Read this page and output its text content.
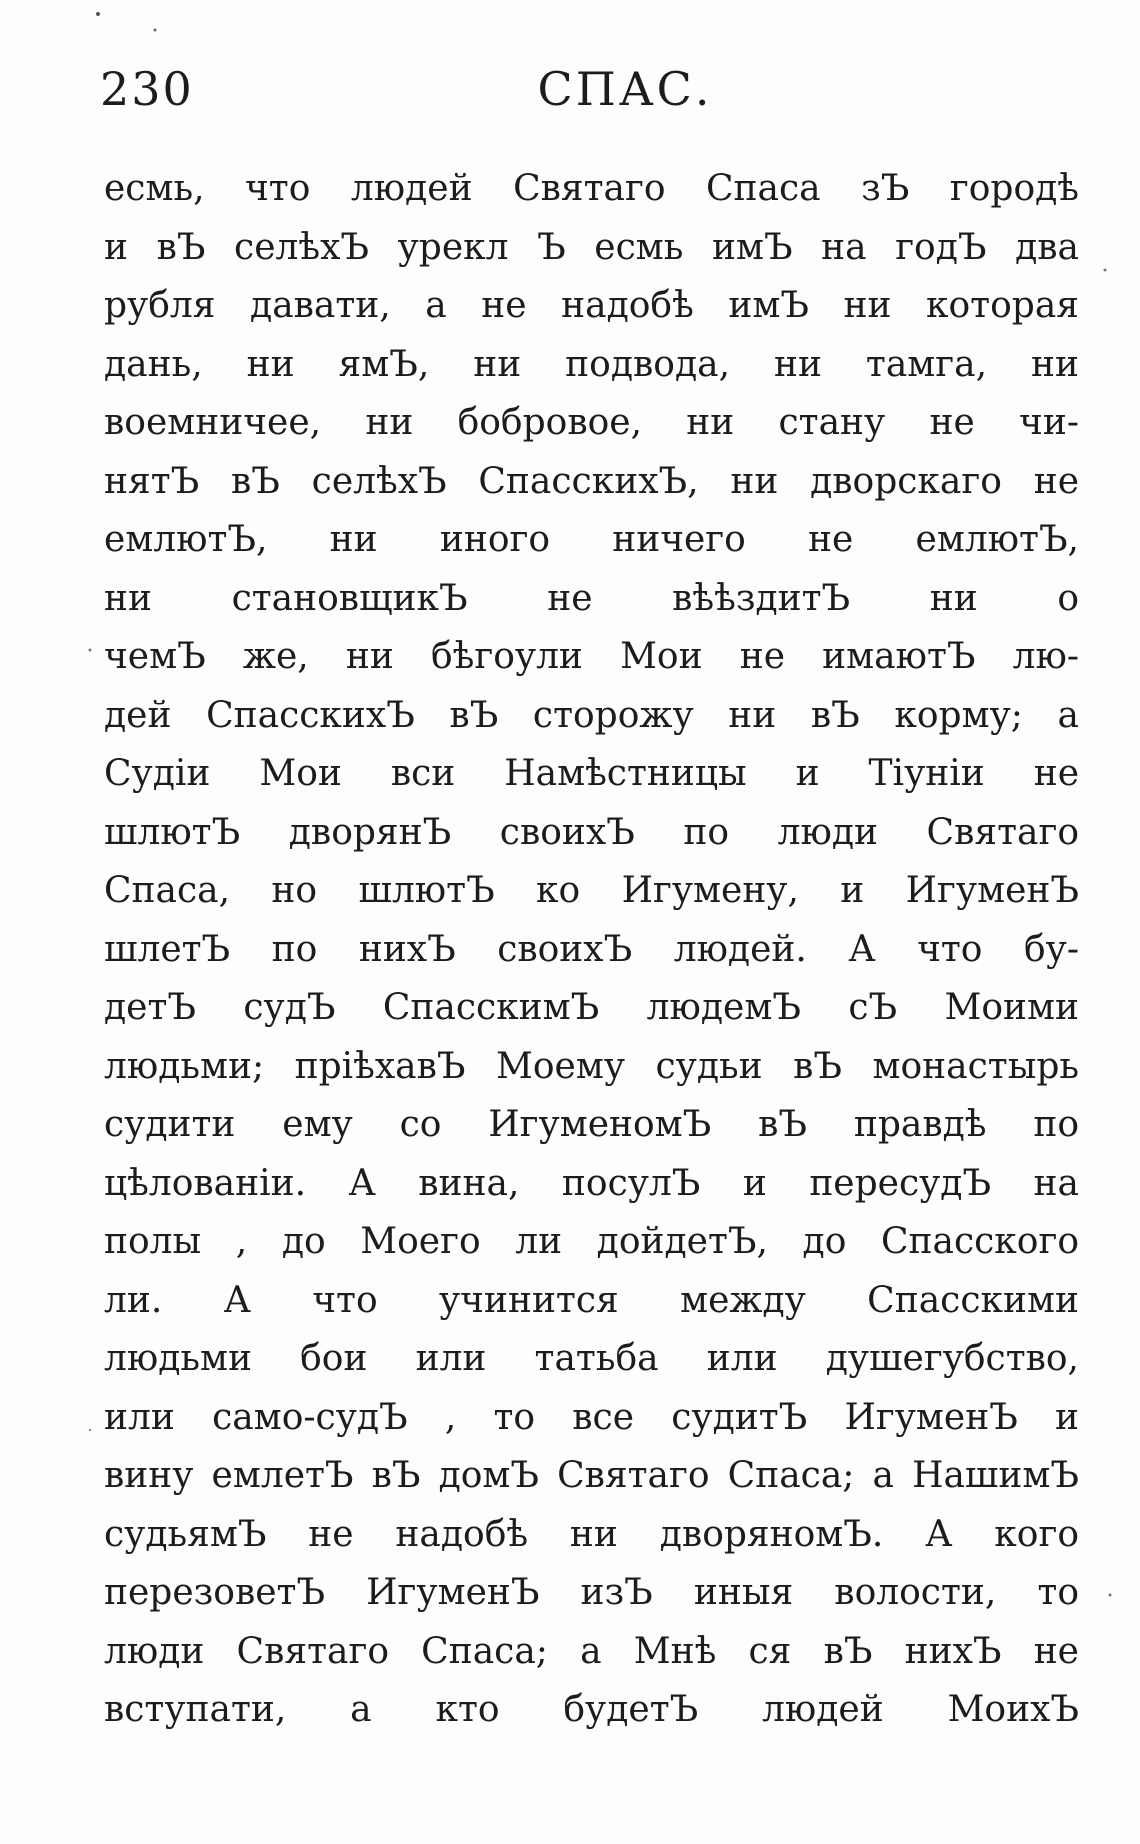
230	СПАС.
есмь, что людей Святаго Спаса зЪ городѣ
и вЪ селѣхЪ урекл Ъ есмь имЪ на годЪ два
рубля давати, а не надобѣ имЪ ни которая
дань, ни ямЪ, ни подвода, ни тамга, ни
воемничее, ни бобровое, ни стану не чи-
нятЪ вЪ селѣхЪ СпасскихЪ, ни дворскаго не
емлютЪ, ни иного ничего не емлютЪ,
ни становщикЪ не вѣѣздитЪ ни о
чемЪ же, ни бѣгоули Мои не имаютЪ лю-
дей СпасскихЪ вЪ сторожу ни вЪ корму; а
Судіи Мои вси Намѣстницы и Тіуніи не
шлютЪ дворянЪ своихЪ по люди Святаго
Спаса, но шлютЪ ко Игумену, и ИгуменЪ
шлетЪ по нихЪ своихЪ людей. А что бу-
детЪ судЪ СпасскимЪ людемЪ сЪ Моими
людьми; пріѣхавЪ Моему судьи вЪ монастырь
судити ему со ИгуменомЪ вЪ правдѣ по
цѣлованіи. А вина, посулЪ и пересудЪ на
полы , до Моего ли дойдетЪ, до Спасского
ли. А что учинится между Спасскими
людьми бои или татьба или душегубство,
или само-судЪ , то все судитЪ ИгуменЪ и
вину емлетЪ вЪ домЪ Святаго Спаса; а НашимЪ
судьямЪ не надобѣ ни дворяномЪ. А кого
перезоветЪ ИгуменЪ изЪ иныя волости, то
люди Святаго Спаса; а Мнѣ ся вЪ нихЪ не
вступати, а кто будетЪ людей МоихЪ
